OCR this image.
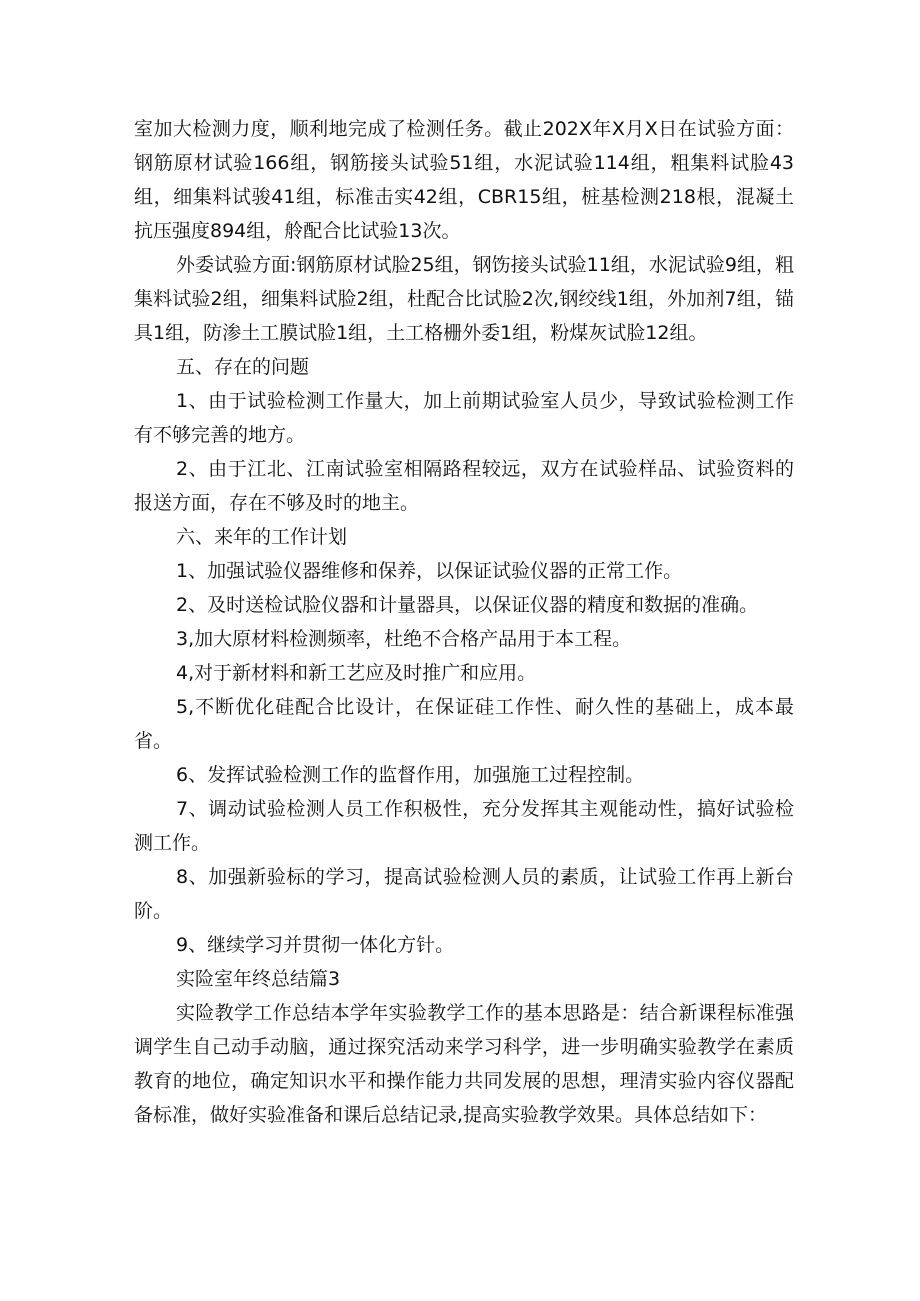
室加大检测力度，顺利地完成了检测任务。截止202X年X月X日在试验方面：钢筋原材试验166组，钢筋接头试验51组，水泥试验114组，粗集料试脸43组，细集料试骏41组，标准击实42组，CBR15组，桩基检测218根，混凝土抗压强度894组，舲配合比试验13次。

外委试验方面:钢筋原材试脸25组，钢饬接头试验11组，水泥试验9组，粗集料试验2组，细集料试脸2组，杜配合比试脸2次,钢绞线1组，外加剂7组，锚具1组，防渗土工膜试脸1组，土工格栅外委1组，粉煤灰试脸12组。

五、存在的问题

1、由于试验检测工作量大，加上前期试验室人员少，导致试验检测工作有不够完善的地方。

2、由于江北、江南试验室相隔路程较远，双方在试验样品、试验资料的报送方面，存在不够及时的地主。

六、来年的工作计划

1、加强试验仪器维修和保养，以保证试验仪器的正常工作。

2、及时送检试脸仪器和计量器具，以保证仪器的精度和数据的准确。

3,加大原材料检测频率，杜绝不合格产品用于本工程。

4,对于新材料和新工艺应及时推广和应用。

5,不断优化硅配合比设计，在保证硅工作性、耐久性的基础上，成本最省。

6、发挥试验检测工作的监督作用，加强施工过程控制。

7、调动试验检测人员工作积极性，充分发挥其主观能动性，搞好试验检测工作。

8、加强新验标的学习，提高试验检测人员的素质，让试验工作再上新台阶。

9、继续学习并贯彻一体化方针。

实险室年终总结篇3

实险教学工作总结本学年实验教学工作的基本思路是：结合新课程标准强调学生自己动手动脑，通过探究活动来学习科学，进一步明确实验教学在素质教育的地位，确定知识水平和操作能力共同发展的思想，理清实验内容仪器配备标准，做好实验准备和课后总结记录,提高实验教学效果。具体总结如下：
